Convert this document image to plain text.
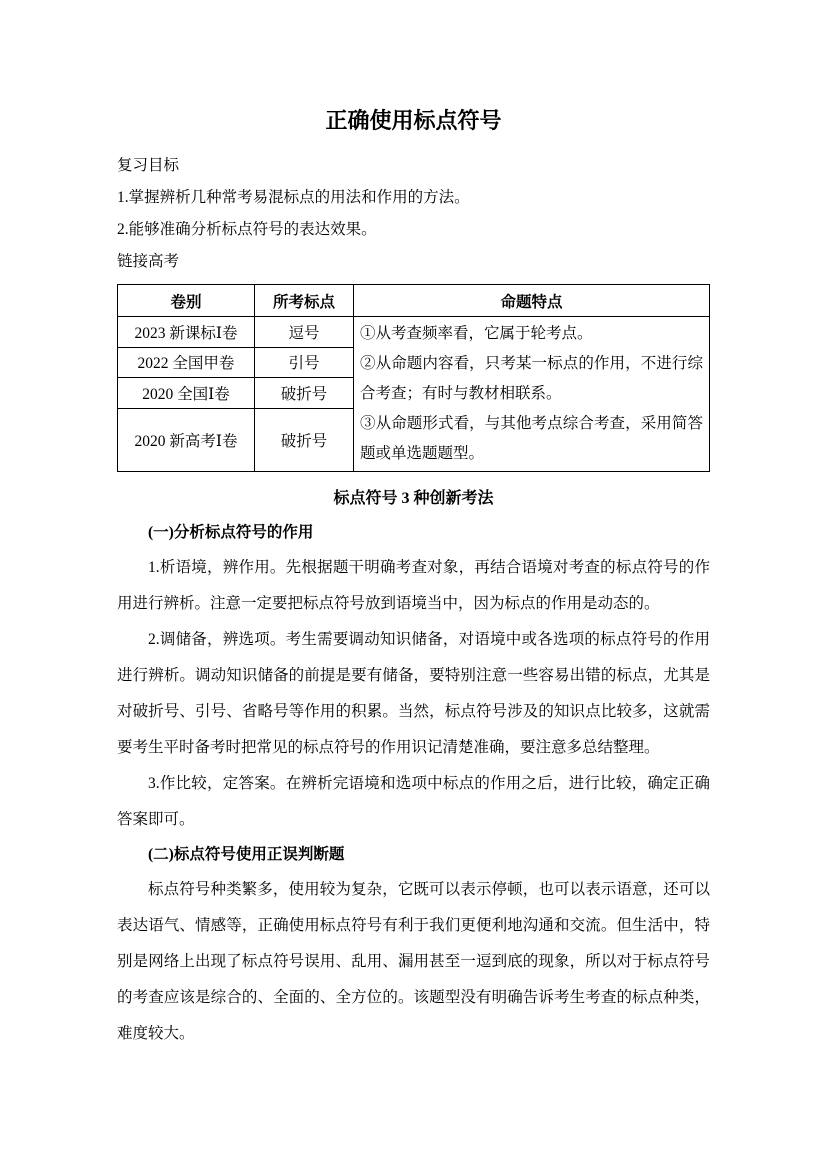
正确使用标点符号
复习目标
1.掌握辨析几种常考易混标点的用法和作用的方法。
2.能够准确分析标点符号的表达效果。
链接高考
卷别	所考标点	命题特点
2023 新课标Ⅰ卷	逗号	①从考查频率看，它属于轮考点。
②从命题内容看，只考某一标点的作用，不进行综合考查；有时与教材相联系。
③从命题形式看，与其他考点综合考查，采用简答题或单选题题型。

2022 全国甲卷	引号	
2020 全国Ⅰ卷	破折号	
2020 新高考Ⅰ卷	破折号	
标点符号 3 种创新考法
(一)分析标点符号的作用

1.析语境，辨作用。先根据题干明确考查对象，再结合语境对考查的标点符号的作用进行辨析。注意一定要把标点符号放到语境当中，因为标点的作用是动态的。

2.调储备，辨选项。考生需要调动知识储备，对语境中或各选项的标点符号的作用进行辨析。调动知识储备的前提是要有储备，要特别注意一些容易出错的标点，尤其是对破折号、引号、省略号等作用的积累。当然，标点符号涉及的知识点比较多，这就需要考生平时备考时把常见的标点符号的作用识记清楚准确，要注意多总结整理。

3.作比较，定答案。在辨析完语境和选项中标点的作用之后，进行比较，确定正确答案即可。

(二)标点符号使用正误判断题

标点符号种类繁多，使用较为复杂，它既可以表示停顿，也可以表示语意，还可以表达语气、情感等，正确使用标点符号有利于我们更便利地沟通和交流。但生活中，特别是网络上出现了标点符号误用、乱用、漏用甚至一逗到底的现象，所以对于标点符号的考查应该是综合的、全面的、全方位的。该题型没有明确告诉考生考查的标点种类，难度较大。
